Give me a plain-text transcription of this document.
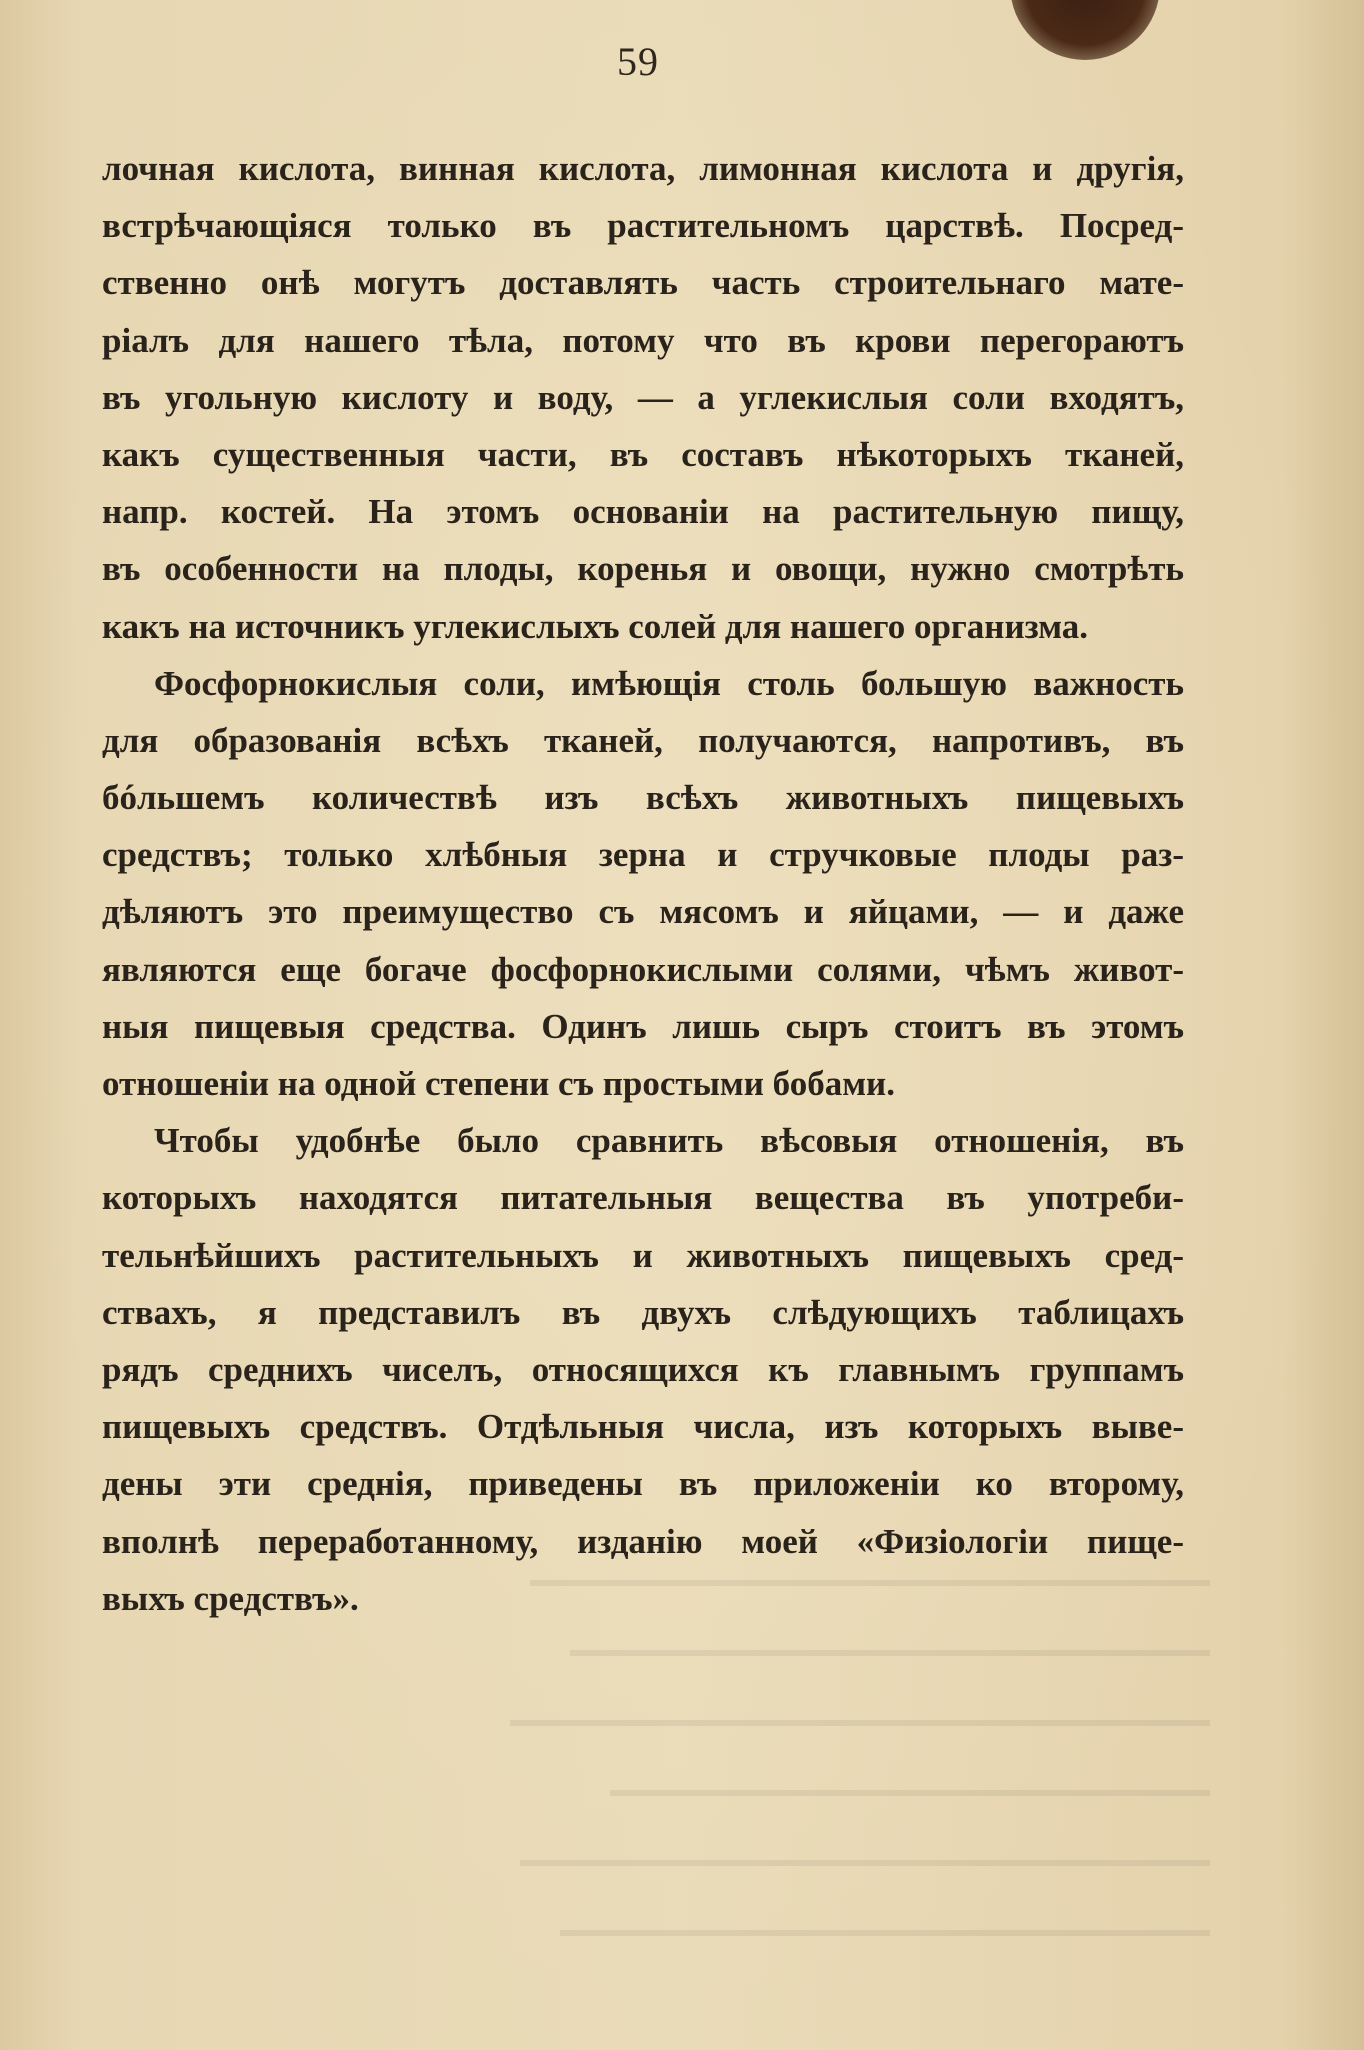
59
лочная кислота, винная кислота, лимонная кислота и другія,
встрѣчающіяся только въ растительномъ царствѣ. Посред-
ственно онѣ могутъ доставлять часть строительнаго мате-
ріалъ для нашего тѣла, потому что въ крови перегораютъ
въ угольную кислоту и воду, — а углекислыя соли входятъ,
какъ существенныя части, въ составъ нѣкоторыхъ тканей,
напр. костей. На этомъ основаніи на растительную пищу,
въ особенности на плоды, коренья и овощи, нужно смотрѣть
какъ на источникъ углекислыхъ солей для нашего организма.
Фосфорнокислыя соли, имѣющія столь большую важность
для образованія всѣхъ тканей, получаются, напротивъ, въ
бóльшемъ количествѣ изъ всѣхъ животныхъ пищевыхъ
средствъ; только хлѣбныя зерна и стручковые плоды раз-
дѣляютъ это преимущество съ мясомъ и яйцами, — и даже
являются еще богаче фосфорнокислыми солями, чѣмъ живот-
ныя пищевыя средства. Одинъ лишь сыръ стоитъ въ этомъ
отношеніи на одной степени съ простыми бобами.
Чтобы удобнѣе было сравнить вѣсовыя отношенія, въ
которыхъ находятся питательныя вещества въ употреби-
тельнѣйшихъ растительныхъ и животныхъ пищевыхъ сред-
ствахъ, я представилъ въ двухъ слѣдующихъ таблицахъ
рядъ среднихъ чиселъ, относящихся къ главнымъ группамъ
пищевыхъ средствъ. Отдѣльныя числа, изъ которыхъ выве-
дены эти среднія, приведены въ приложеніи ко второму,
вполнѣ переработанному, изданію моей «Физіологіи пище-
выхъ средствъ».
